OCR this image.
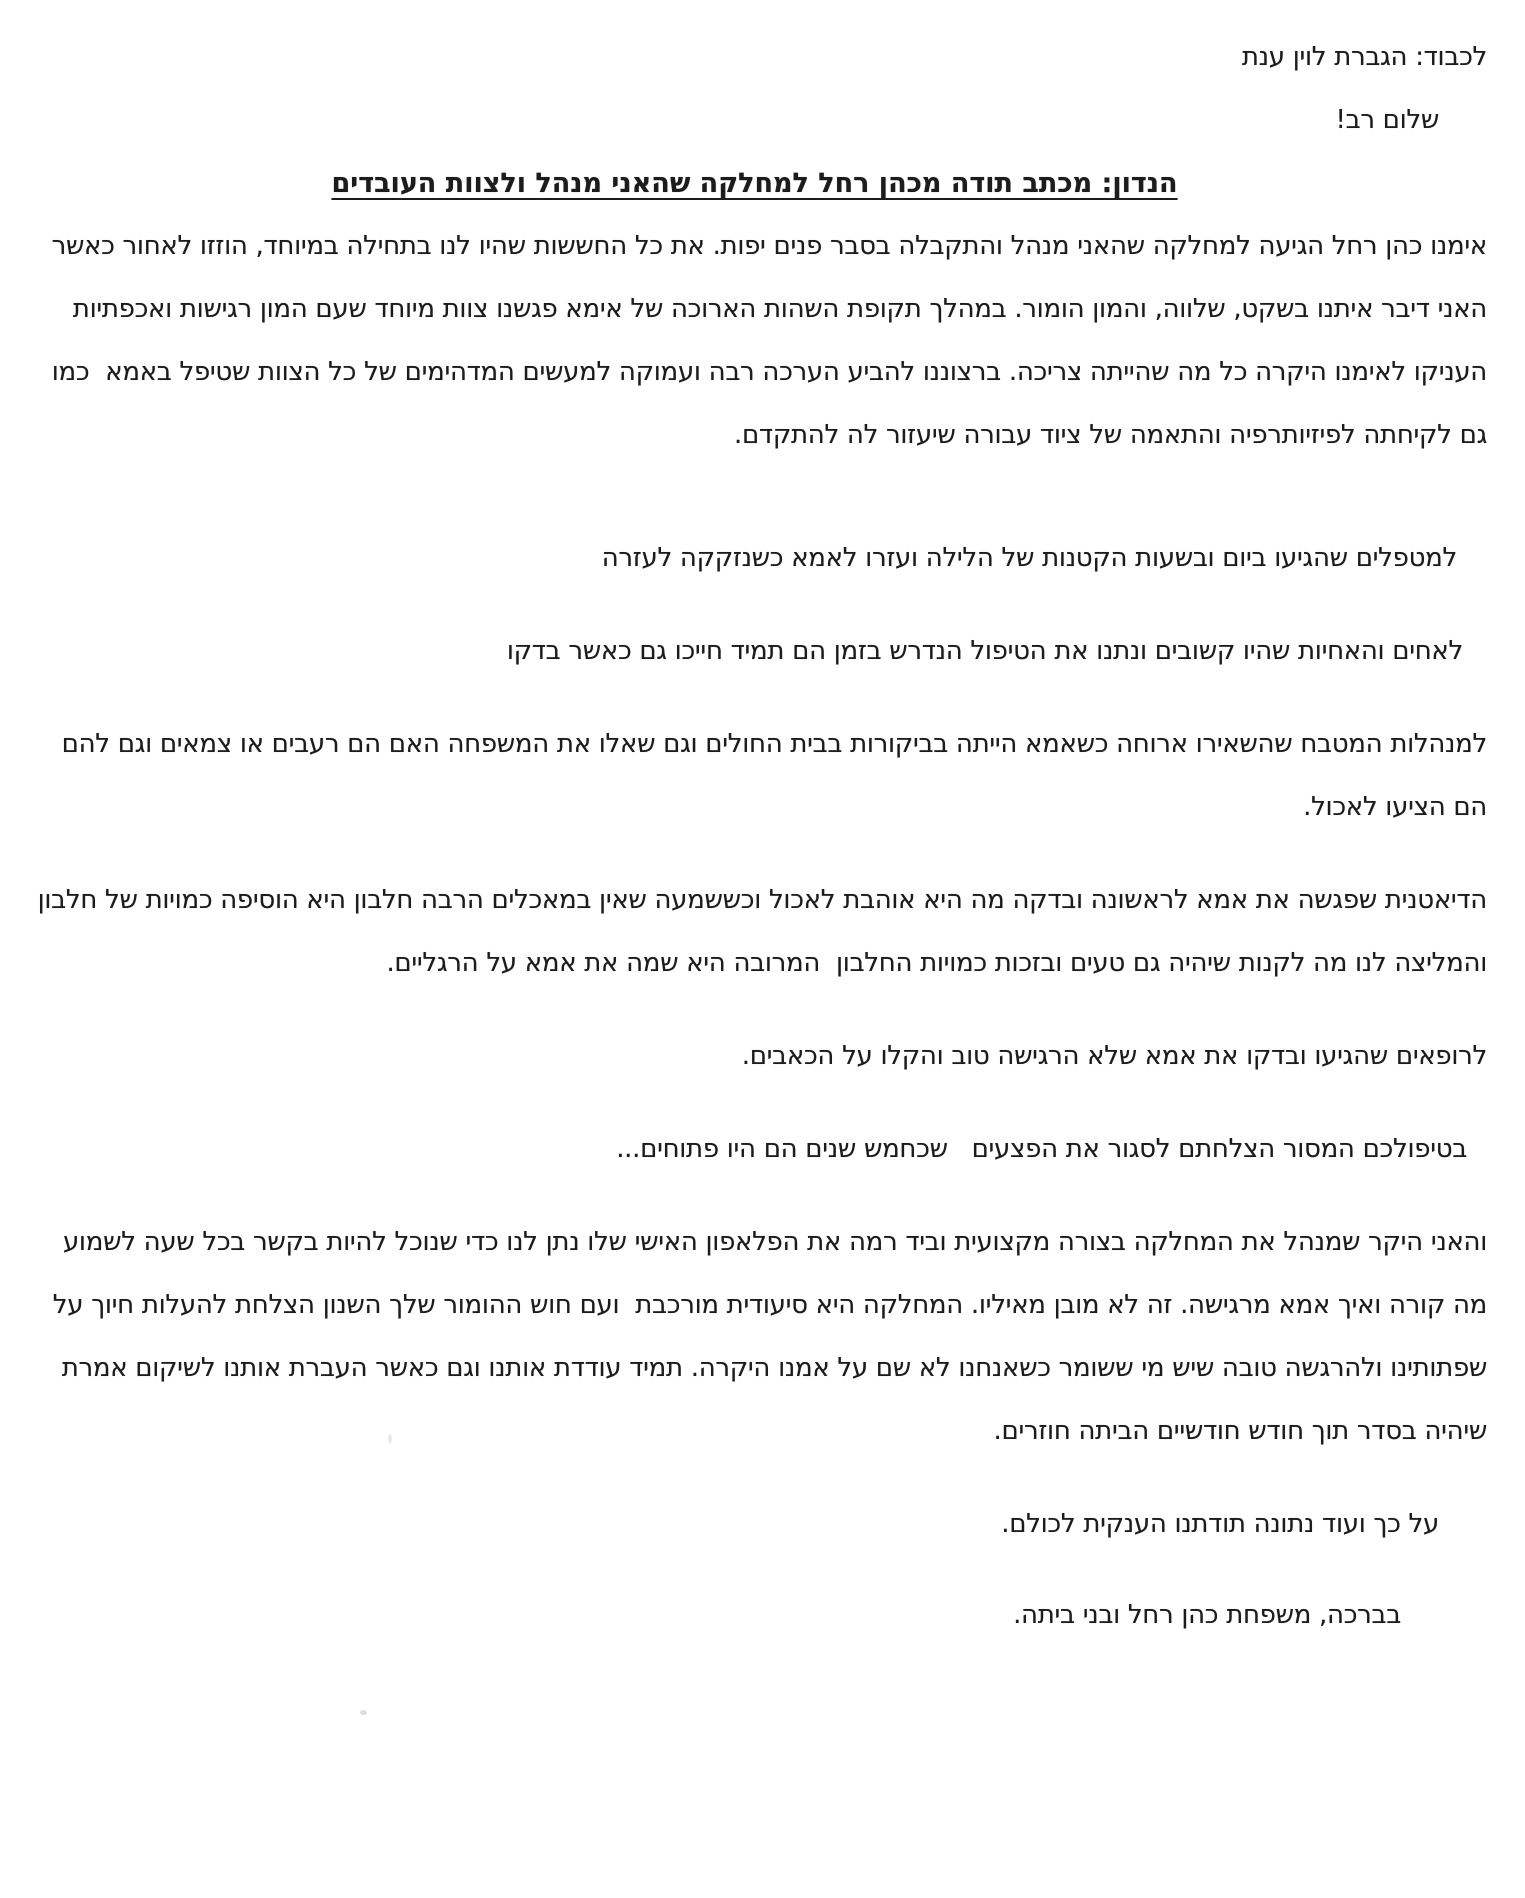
לכבוד: הגברת לוין ענת
שלום רב!
הנדון: מכתב תודה מכהן רחל למחלקה שהאני מנהל ולצוות העובדים

אימנו כהן רחל הגיעה למחלקה שהאני מנהל והתקבלה בסבר פנים יפות. את כל החששות שהיו לנו בתחילה במיוחד, הוזזו לאחור כאשר האני דיבר איתנו בשקט, שלווה, והמון הומור. במהלך תקופת השהות הארוכה של אימא פגשנו צוות מיוחד שעם המון רגישות ואכפתיות העניקו לאימנו היקרה כל מה שהייתה צריכה. ברצוננו להביע הערכה רבה ועמוקה למעשים המדהימים של כל הצוות שטיפל באמא  כמו גם לקיחתה לפיזיותרפיה והתאמה של ציוד עבורה שיעזור לה להתקדם.

למטפלים שהגיעו ביום ובשעות הקטנות של הלילה ועזרו לאמא כשנזקקה לעזרה

לאחים והאחיות שהיו קשובים ונתנו את הטיפול הנדרש בזמן הם תמיד חייכו גם כאשר בדקו

למנהלות המטבח שהשאירו ארוחה כשאמא הייתה בביקורות בבית החולים וגם שאלו את המשפחה האם הם רעבים או צמאים וגם להם הם הציעו לאכול.

הדיאטנית שפגשה את אמא לראשונה ובדקה מה היא אוהבת לאכול וכששמעה שאין במאכלים הרבה חלבון היא הוסיפה כמויות של חלבון והמליצה לנו מה לקנות שיהיה גם טעים ובזכות כמויות החלבון  המרובה היא שמה את אמא על הרגליים.

לרופאים שהגיעו ובדקו את אמא שלא הרגישה טוב והקלו על הכאבים.

בטיפולכם המסור הצלחתם לסגור את הפצעים   שכחמש שנים הם היו פתוחים...

והאני היקר שמנהל את המחלקה בצורה מקצועית וביד רמה את הפלאפון האישי שלו נתן לנו כדי שנוכל להיות בקשר בכל שעה לשמוע מה קורה ואיך אמא מרגישה. זה לא מובן מאיליו. המחלקה היא סיעודית מורכבת  ועם חוש ההומור שלך השנון הצלחת להעלות חיוך על שפתותינו ולהרגשה טובה שיש מי ששומר כשאנחנו לא שם על אמנו היקרה. תמיד עודדת אותנו וגם כאשר העברת אותנו לשיקום אמרת שיהיה בסדר תוך חודש חודשיים הביתה חוזרים.

על כך ועוד נתונה תודתנו הענקית לכולם.

בברכה, משפחת כהן רחל ובני ביתה.
